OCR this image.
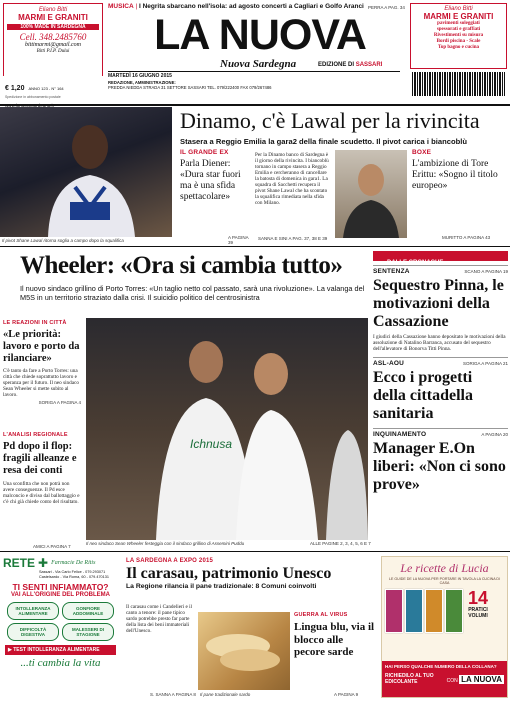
Eliano Bitti
MARMI E GRANITI
100% MADE IN SARDEGNA
Cell. 348.2485760
bittimarmi@gmail.com
Bitti P.I.P. Dului
€ 1,20 ANNO 123 - N° 164
Spedizione in abbonamento postale
MUSICA | I Negrita sbarcano nell'isola: ad agosto concerti a Cagliari e Golfo Aranci PERRA A PAG. 34
LA NUOVA
Nuova Sardegna	EDIZIONE DI SASSARI
MARTEDÌ 16 GIUGNO 2015
REDAZIONE, AMMINISTRAZIONE:
PREDDA NIEDDA STRADA 31 SETTORE SASSARI TEL. 079/222400 FAX 079/267486
Eliano Bitti
MARMI E GRANITI
pavimenti soleggiati
spessorati e graffiati
Rivestimenti su misura
Bordi piscina - Scale
Top bagno e cucina
Il pivot Shane Lawal ritorna soglia a campo dopo la squalifica
Dinamo, c'è Lawal per la rivincita
Stasera a Reggio Emilia la gara2 della finale scudetto. Il pivot carica i biancoblù
IL GRANDE EX
Parla Diener: «Dura star fuori ma è una sfida spettacolare»
A PAGINA 39
Per la Dinamo banco di Sardegna è il giorno della rivincita. I biancoblù tornano in campo stasera a Reggio Emilia e cercheranno di cancellare la batosta di domenica in gara1. La squadra di Sacchetti recupera il pivot Shane Lawal che ha scontato la squalifica rimediata nella sfida con Milano.
SANNA E SINI A PAG. 37, 38 E 39
BOXE
L'ambizione di Tore Erittu: «Sogno il titolo europeo»
MURITTO A PAGINA 43
Wheeler: «Ora si cambia tutto»
Il nuovo sindaco grillino di Porto Torres: «Un taglio netto col passato, sarà una rivoluzione». La valanga del M5S in un territorio straziato dalla crisi. Il suicidio politico del centrosinistra
LE REAZIONI IN CITTÀ
«Le priorità: lavoro e porto da rilanciare»
C'è tanto da fare a Porto Torres: una città che chiede soprattutto lavoro e speranza per il futuro. Il neo sindaco Sean Wheeler si mette subito al lavoro.
SORIGA A PAGINA 4
L'ANALISI REGIONALE
Pd dopo il flop: fragili alleanze e resa dei conti
Una sconfitta che non potrà non avere conseguenze. Il Pd esce malconcio e diviso dal ballottaggio e c'è chi già chiede conto del risultato.
AMICI A PAGINA 7
Ichnusa
Il neo sindaco Sean Wheeler festeggia con il sindaco grillino di Assemini Puddu	ALLE PAGINE 2, 3, 4, 5, 6 E 7
DALLE CRONACHE
SENTENZA	SCANO A PAGINA 19
Sequestro Pinna, le motivazioni della Cassazione
I giudici della Cassazione hanno depositato le motivazioni della assoluzione di Natalino Barranca, accusato del sequestro dell'allevatore di Bonorva Titti Pinna.
ASL-AOU	SORIGA A PAGINA 21
Ecco i progetti della cittadella sanitaria
INQUINAMENTO	A PAGINA 20
Manager E.On liberi: «Non ci sono prove»
RETE ✚ Farmacie De Ritis
Sassari - Via Carlo Felice - 079.293071
Castelsardo - Via Roma, 60 - 079.470131
TI SENTI INFIAMMATO?
VAI ALL'ORIGINE DEL PROBLEMA
INTOLLERANZA ALIMENTARE
GONFIORE ADDOMINALE
DIFFICOLTÀ DIGESTIVA
MALESSERI DI STAGIONE
▶ TEST INTOLLERANZA ALIMENTARE
...ti cambia la vita
LA SARDEGNA A EXPO 2015
Il carasau, patrimonio Unesco
La Regione rilancia il pane tradizionale: 8 Comuni coinvolti
Il carasau come i Candelieri e il canto a tenore: il pane tipico sardo potrebbe presto far parte della lista dei beni immateriali dell'Unesco.
S. SANNA A PAGINA 8 Il pane tradizionale sardo
GUERRA AL VIRUS
Lingua blu, via il blocco alle pecore sarde
A PAGINA 9
Le ricette di Lucia
LE GUIDE DE LA NUOVA PER PORTARE IN TAVOLA LA CUCINA DI CASA
14
PRATICI
VOLUMI
HAI PERSO QUALCHE NUMERO DELLA COLLANA?
RICHIEDILO AL TUO EDICOLANTE	CON LA NUOVA
